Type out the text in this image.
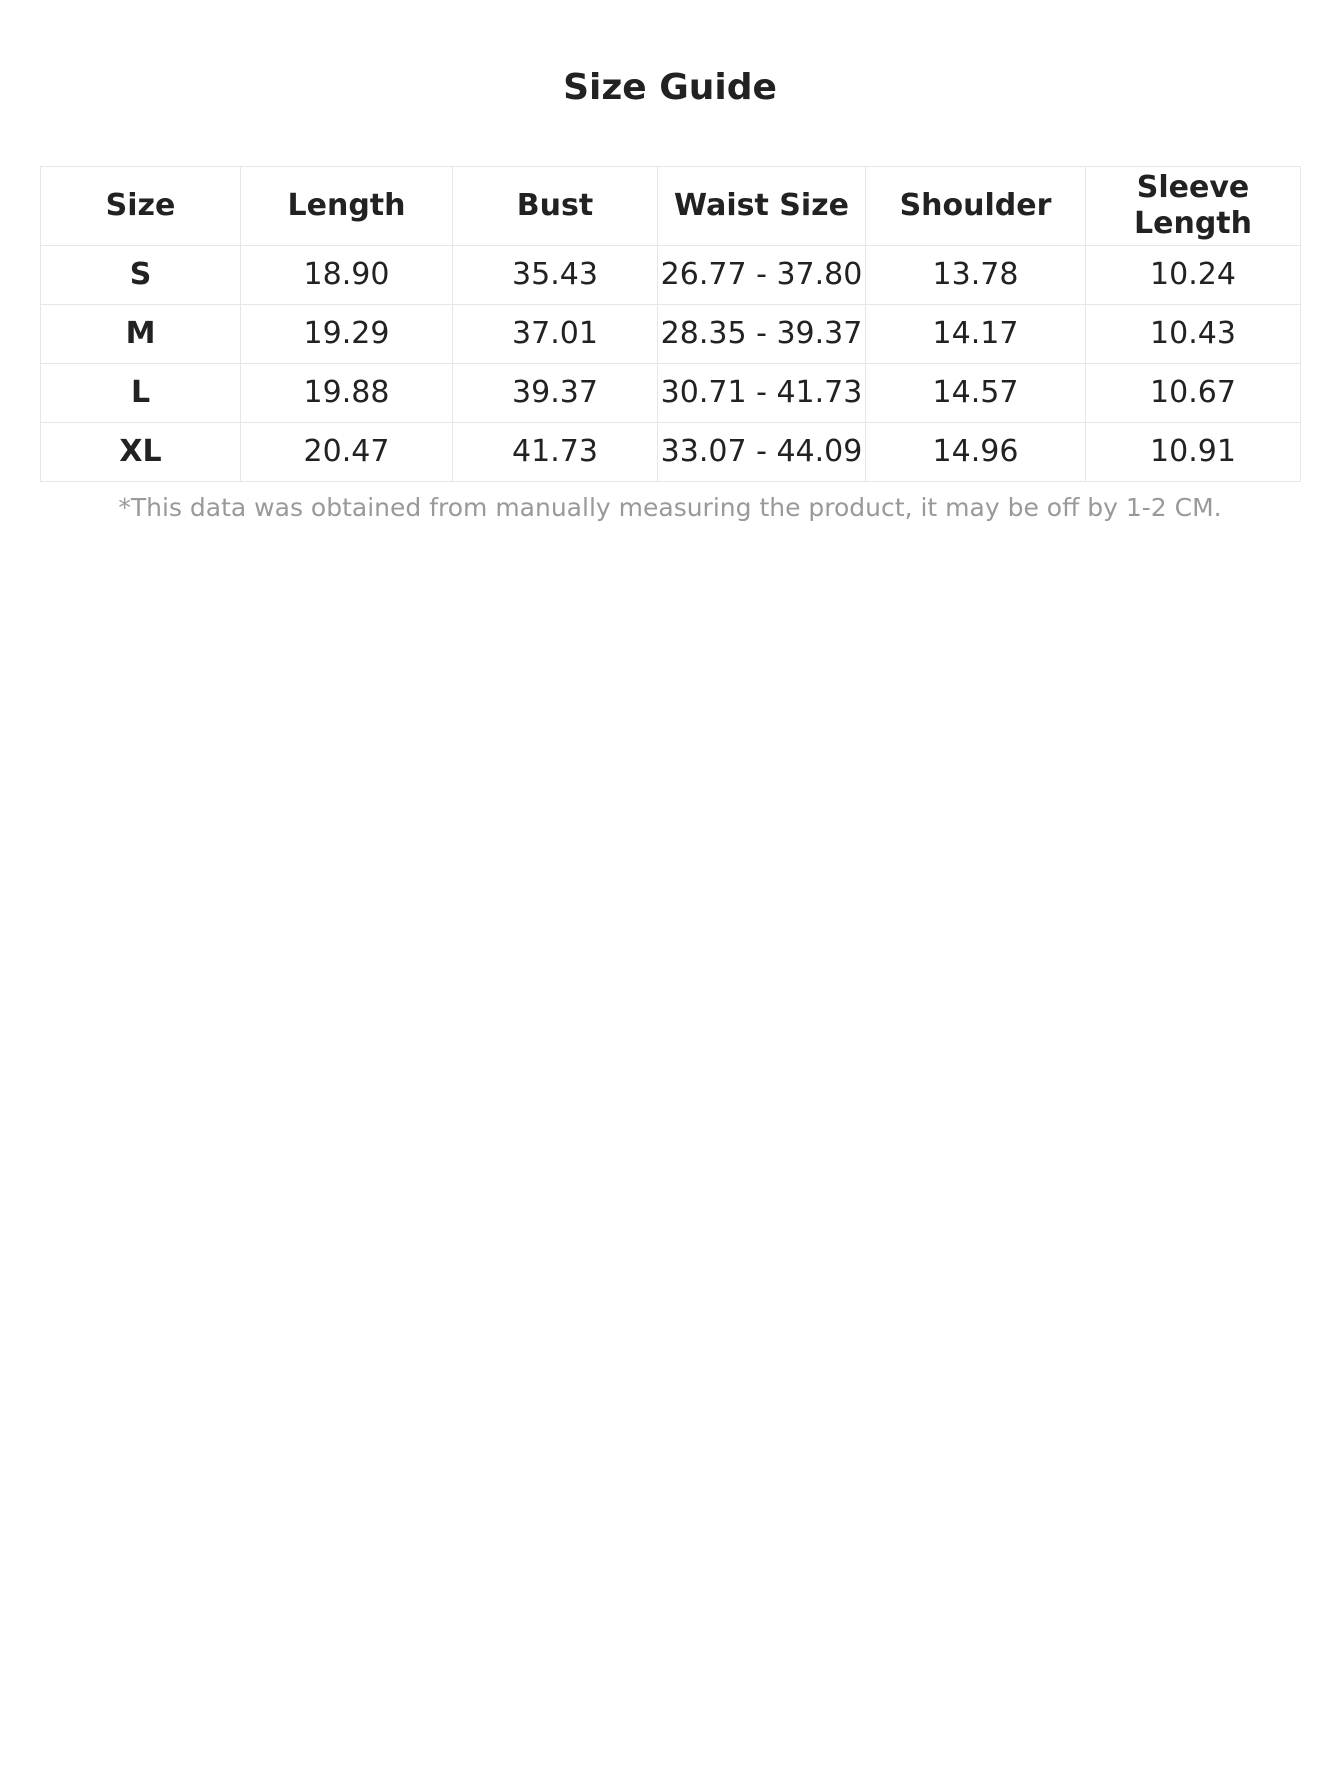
Size Guide
Size	Length	Bust	Waist Size	Shoulder	Sleeve Length
S	18.90	35.43	26.77 - 37.80	13.78	10.24
M	19.29	37.01	28.35 - 39.37	14.17	10.43
L	19.88	39.37	30.71 - 41.73	14.57	10.67
XL	20.47	41.73	33.07 - 44.09	14.96	10.91

*This data was obtained from manually measuring the product, it may be off by 1-2 CM.
